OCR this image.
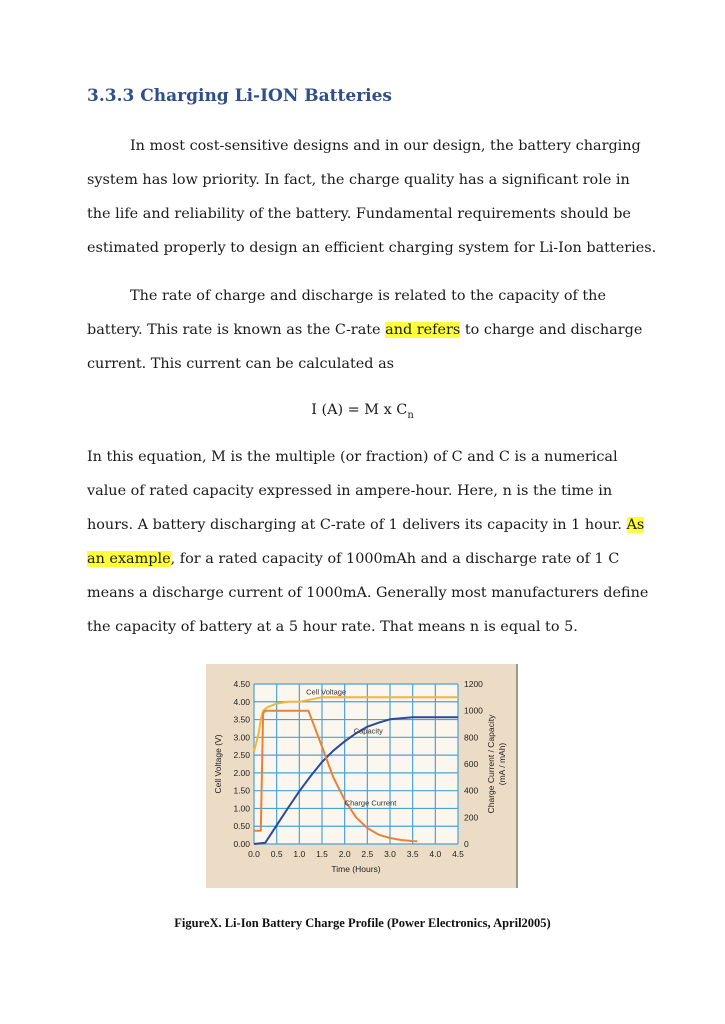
3.3.3 Charging Li-ION Batteries
In most cost-sensitive designs and in our design, the battery charging
system has low priority. In fact, the charge quality has a significant role in
the life and reliability of the battery. Fundamental requirements should be
estimated properly to design an efficient charging system for Li-Ion batteries.
The rate of charge and discharge is related to the capacity of the
battery. This rate is known as the C-rate and refers to charge and discharge
current. This current can be calculated as
I (A) = M x $C_n$
In this equation, M is the multiple (or fraction) of C and C is a numerical
value of rated capacity expressed in ampere-hour. Here, n is the time in
hours. A battery discharging at C-rate of 1 delivers its capacity in 1 hour. As
an example, for a rated capacity of 1000mAh and a discharge rate of 1 C
means a discharge current of 1000mA. Generally most manufacturers define
the capacity of battery at a 5 hour rate. That means n is equal to 5.
0.00
0.50
1.00
1.50
2.00
2.50
3.00
3.50
4.00
4.50
0
200
400
600
800
1000
1200
0.0 0.5 1.0 1.5 2.0 2.5 3.0 3.5 4.0 4.5
Time (Hours)
Cell Voltage (V)	Charge Current / Capacity (mA / mAh)
Cell Voltage
Capacity
Charge Current
FigureX. Li-Ion Battery Charge Profile (Power Electronics, April2005)
